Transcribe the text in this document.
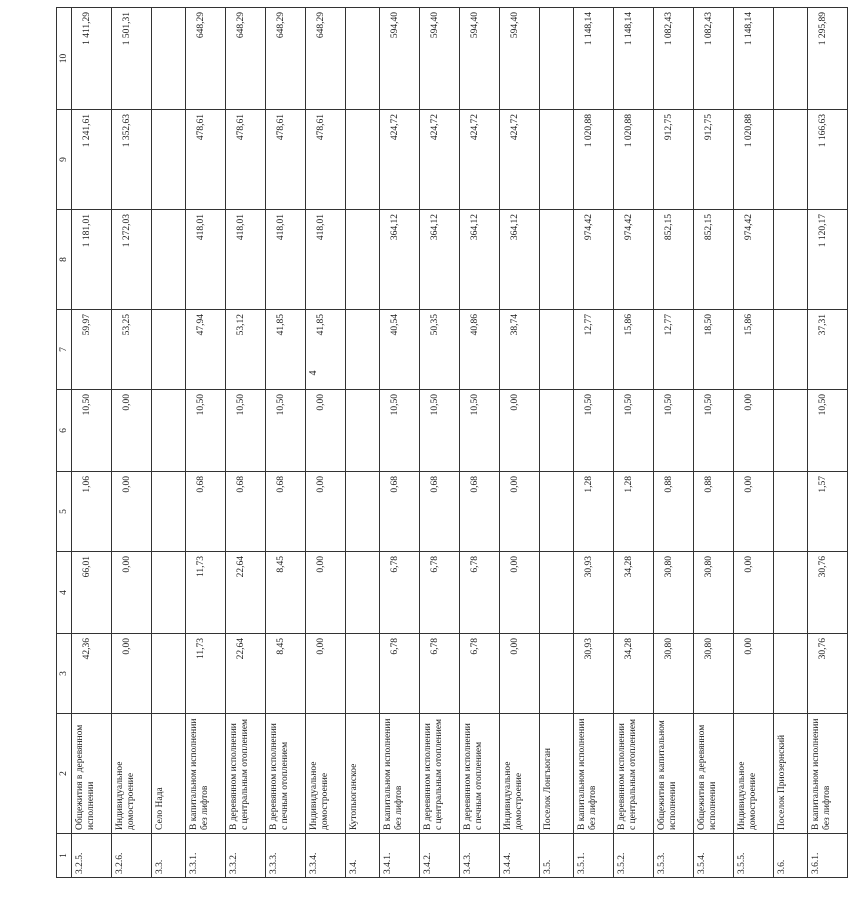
4
1	2	3	4	5	6	7	8	9	10
3.2.5.	Общежития в деревянном исполнении	42,36	66,01	1,06	10,50	59,97	1 181,01	1 241,61	1 411,29
3.2.6.	Индивидуальное домостроение	0,00	0,00	0,00	0,00	53,25	1 272,03	1 352,63	1 501,31
3.3.	Село Нада								
3.3.1.	В капитальном исполнении без лифтов	11,73	11,73	0,68	10,50	47,94	418,01	478,61	648,29
3.3.2.	В деревянном исполнении с центральным отоплением	22,64	22,64	0,68	10,50	53,12	418,01	478,61	648,29
3.3.3.	В деревянном исполнении с печным отоплением	8,45	8,45	0,68	10,50	41,85	418,01	478,61	648,29
3.3.4.	Индивидуальное домостроение	0,00	0,00	0,00	0,00	41,85	418,01	478,61	648,29
3.4.	Кутопьюганское								
3.4.1.	В капитальном исполнении без лифтов	6,78	6,78	0,68	10,50	40,54	364,12	424,72	594,40
3.4.2.	В деревянном исполнении с центральным отоплением	6,78	6,78	0,68	10,50	50,35	364,12	424,72	594,40
3.4.3.	В деревянном исполнении с печным отоплением	6,78	6,78	0,68	10,50	40,86	364,12	424,72	594,40
3.4.4.	Индивидуальное домостроение	0,00	0,00	0,00	0,00	38,74	364,12	424,72	594,40
3.5.	Поселок Лонгъюган								
3.5.1.	В капитальном исполнении без лифтов	30,93	30,93	1,28	10,50	12,77	974,42	1 020,88	1 148,14
3.5.2.	В деревянном исполнении с центральным отоплением	34,28	34,28	1,28	10,50	15,86	974,42	1 020,88	1 148,14
3.5.3.	Общежития в капитальном исполнении	30,80	30,80	0,88	10,50	12,77	852,15	912,75	1 082,43
3.5.4.	Общежития в деревянном исполнении	30,80	30,80	0,88	10,50	18,50	852,15	912,75	1 082,43
3.5.5.	Индивидуальное домостроение	0,00	0,00	0,00	0,00	15,86	974,42	1 020,88	1 148,14
3.6.	Поселок Приозернский								
3.6.1.	В капитальном исполнении без лифтов	30,76	30,76	1,57	10,50	37,31	1 120,17	1 166,63	1 295,89
